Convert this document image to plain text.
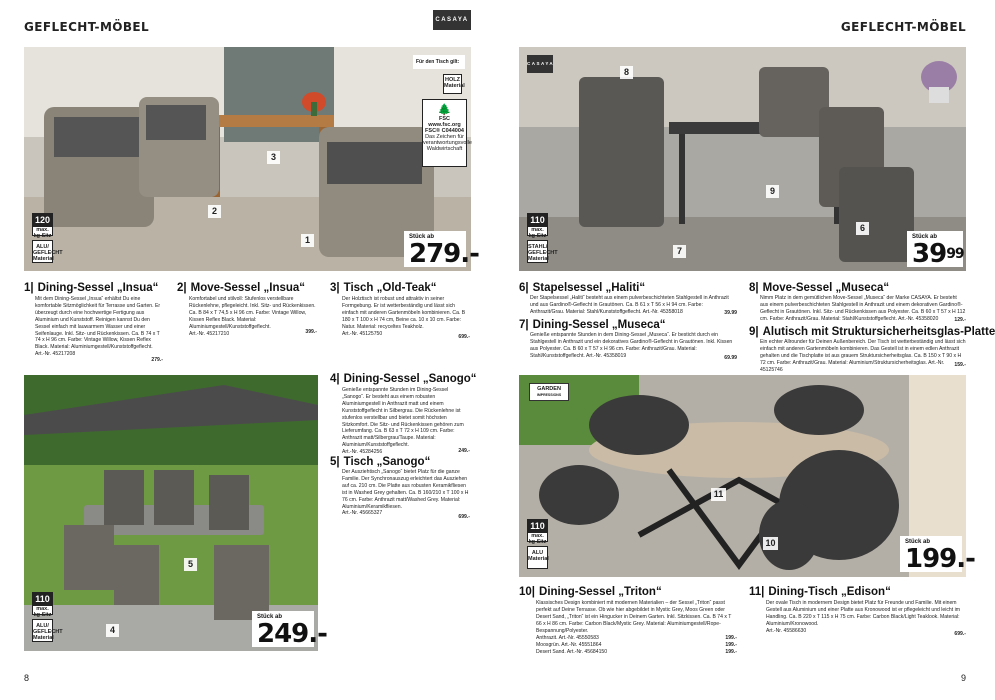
GEFLECHT-MÖBEL	CASAYA	GEFLECHT-MÖBEL
Für den Tisch gilt:
HOLZ
Material
🌲
FSC
www.fsc.org
FSC® C044004
Das Zeichen für verantwortungsvolle Waldwirtschaft
120
max. kg Sitz
ALU/ GEFLECHT
Material
2
3
1	Stück ab
279.-
110
max. kg Sitz
ALU/ GEFLECHT
Material
5
4
Stück ab
249.-
CASAYA
110
max. kg Sitz
STAHL/ GEFLECHT
Material
8
9
7
6
Stück ab
$39^{99}$
GARDEN
IMPRESSIONS
110
max. kg Sitz
ALU
Material
11
10	Stück ab
199.-
1| Dining-Sessel „Insua“
Mit dem Dining-Sessel „Insua“ erhältst Du eine komfortable Sitzmöglichkeit für Terrasse und Garten. Er überzeugt durch eine hochwertige Fertigung aus Aluminium und Kunststoff. Reinigen kannst Du den Sessel einfach mit lauwarmem Wasser und einer Seifenlauge. Inkl. Sitz- und Rückenkissen. Ca. B 74 x T 74 x H 96 cm. Farbe: Vintage Willow, Kissen Reflex Black. Material: Aluminiumgestell/Kunststoffgeflecht.
Art.-Nr. 45217208
279.-
2| Move-Sessel „Insua“
Komfortabel und stilvoll: Stufenlos verstellbare Rückenlehne, pflegeleicht. Inkl. Sitz- und Rückenkissen. Ca. B 84 x T 74,5 x H 96 cm. Farbe: Vintage Willow, Kissen Reflex Black. Material: Aluminiumgestell/Kunststoffgeflecht.
Art.-Nr. 45217210	399.-
3| Tisch „Old-Teak“
Der Holztisch ist robust und attraktiv in seiner Formgebung. Er ist wetterbeständig und lässt sich einfach mit anderen Gartenmöbeln kombinieren. Ca. B 180 x T 100 x H 74 cm, Beine ca. 10 x 10 cm. Farbe: Natur. Material: recyceltes Teakholz.
Art.-Nr. 45125750
699.-
4| Dining-Sessel „Sanogo“
Genieße entspannte Stunden im Dining-Sessel „Sanogo“. Er besteht aus einem robusten Aluminiumgestell in Anthrazit matt und einem Kunststoffgeflecht in Silbergrau. Die Rückenlehne ist stufenlos verstellbar und bietet somit höchsten Sitzkomfort. Die Sitz- und Rückenkissen gehören zum Lieferumfang. Ca. B 63 x T 72 x H 109 cm. Farbe: Anthrazit matt/Silbergrau/Taupe. Material: Aluminium/Kunststoffgeflecht.
Art.-Nr. 45284256	249.-
5| Tisch „Sanogo“
Der Ausziehtisch „Sanogo“ bietet Platz für die ganze Familie. Der Synchronauszug erleichtert das Ausziehen auf ca. 210 cm. Die Platte aus robusten Keramikfliesen ist in Washed Grey gehalten. Ca. B 160/210 x T 100 x H 76 cm. Farbe: Anthrazit matt/Washed Grey. Material: Aluminium/Keramikfliesen.
Art.-Nr. 45665327
699.-
6| Stapelsessel „Haliti“
Der Stapelsessel „Haliti“ besteht aus einem pulverbeschichteten Stahlgestell in Anthrazit und aus Gardino®-Geflecht in Grautönen. Ca. B 61 x T 56 x H 94 cm. Farbe: Anthrazit/Grau. Material: Stahl/Kunststoffgeflecht. Art.-Nr. 45358018	39.99
7| Dining-Sessel „Museca“
Genieße entspannte Stunden in dem Dining-Sessel „Museca“. Er besticht durch ein Stahlgestell in Anthrazit und ein dekoratives Gardino®-Geflecht in Grautönen. Inkl. Kissen aus Polyester. Ca. B 60 x T 57 x H 96 cm. Farbe: Anthrazit/Grau. Material: Stahl/Kunststoffgeflecht. Art.-Nr. 45358019	69.99
8| Move-Sessel „Museca“
Nimm Platz in dem gemütlichen Move-Sessel „Museca“ der Marke CASAYA. Er besteht aus einem pulverbeschichteten Stahlgestell in Anthrazit und einem dekorativen Gardino®-Geflecht in Grautönen. Inkl. Sitz- und Rückenkissen aus Polyester. Ca. B 60 x T 57 x H 112 cm. Farbe: Anthrazit/Grau. Material: Stahl/Kunststoffgeflecht. Art.-Nr. 45358020	129.-
9| Alutisch mit Struktursicherheitsglas-Platte
Ein echter Allrounder für Deinen Außenbereich. Der Tisch ist wetterbeständig und lässt sich einfach mit anderen Gartenmöbeln kombinieren. Das Gestell ist in einem edlen Anthrazit gehalten und die Tischplatte ist aus grauem Struktursicherheitsglas. Ca. B 150 x T 90 x H 72 cm. Farbe: Anthrazit/Grau. Material: Aluminium/Struktursicherheitsglas. Art.-Nr. 45125746
159.-
10| Dining-Sessel „Triton“
Klassisches Design kombiniert mit modernen Materialien – der Sessel „Triton“ passt perfekt auf Deine Terrasse. Ob wie hier abgebildet in Mystic Grey, Moos Green oder Desert Sand, „Triton“ ist ein Hingucker in Deinem Garten. Inkl. Sitzkissen. Ca. B 74 x T 66 x H 86 cm. Farbe: Carbon Black/Mystic Grey. Material: Aluminiumgestell/Rope-Bespannung/Polyester.
Anthrazit. Art.-Nr. 45550583	199.-
Moosgrün. Art.-Nr. 45551864	199.-
Desert Sand. Art.-Nr. 45684150	199.-
11| Dining-Tisch „Edison“
Der ovale Tisch in modernem Design bietet Platz für Freunde und Familie. Mit einem Gestell aus Aluminium und einer Platte aus Kronowood ist er pflegeleicht und leicht im Handling. Ca. B 220 x T 115 x H 75 cm. Farbe: Carbon Black/Light Teaklook. Material: Aluminium/Kronowood.
Art.-Nr. 45586630
699.-
8	9
